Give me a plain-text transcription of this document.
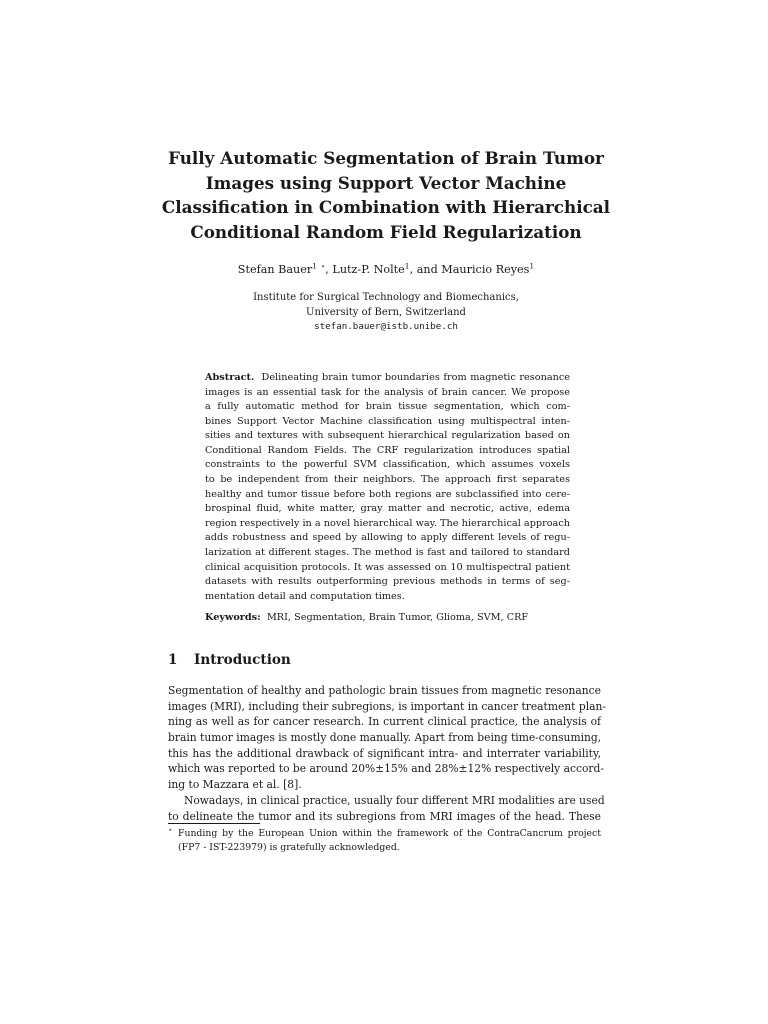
Fully Automatic Segmentation of Brain Tumor
Images using Support Vector Machine
Classification in Combination with Hierarchical
Conditional Random Field Regularization
Stefan Bauer$^1$ ⋆, Lutz-P. Nolte$^1$, and Mauricio Reyes$^1$
Institute for Surgical Technology and Biomechanics,
University of Bern, Switzerland
stefan.bauer@istb.unibe.ch
Abstract. Delineating brain tumor boundaries from magnetic resonance
images is an essential task for the analysis of brain cancer. We propose
a fully automatic method for brain tissue segmentation, which com-
bines Support Vector Machine classification using multispectral inten-
sities and textures with subsequent hierarchical regularization based on
Conditional Random Fields. The CRF regularization introduces spatial
constraints to the powerful SVM classification, which assumes voxels
to be independent from their neighbors. The approach first separates
healthy and tumor tissue before both regions are subclassified into cere-
brospinal fluid, white matter, gray matter and necrotic, active, edema
region respectively in a novel hierarchical way. The hierarchical approach
adds robustness and speed by allowing to apply different levels of regu-
larization at different stages. The method is fast and tailored to standard
clinical acquisition protocols. It was assessed on 10 multispectral patient
datasets with results outperforming previous methods in terms of seg-
mentation detail and computation times.
Keywords: MRI, Segmentation, Brain Tumor, Glioma, SVM, CRF
1 Introduction
Segmentation of healthy and pathologic brain tissues from magnetic resonance
images (MRI), including their subregions, is important in cancer treatment plan-
ning as well as for cancer research. In current clinical practice, the analysis of
brain tumor images is mostly done manually. Apart from being time-consuming,
this has the additional drawback of significant intra- and interrater variability,
which was reported to be around 20%±15% and 28%±12% respectively accord-
ing to Mazzara et al. [8].
Nowadays, in clinical practice, usually four different MRI modalities are used
to delineate the tumor and its subregions from MRI images of the head. These
⋆ Funding by the European Union within the framework of the ContraCancrum project
(FP7 - IST-223979) is gratefully acknowledged.
